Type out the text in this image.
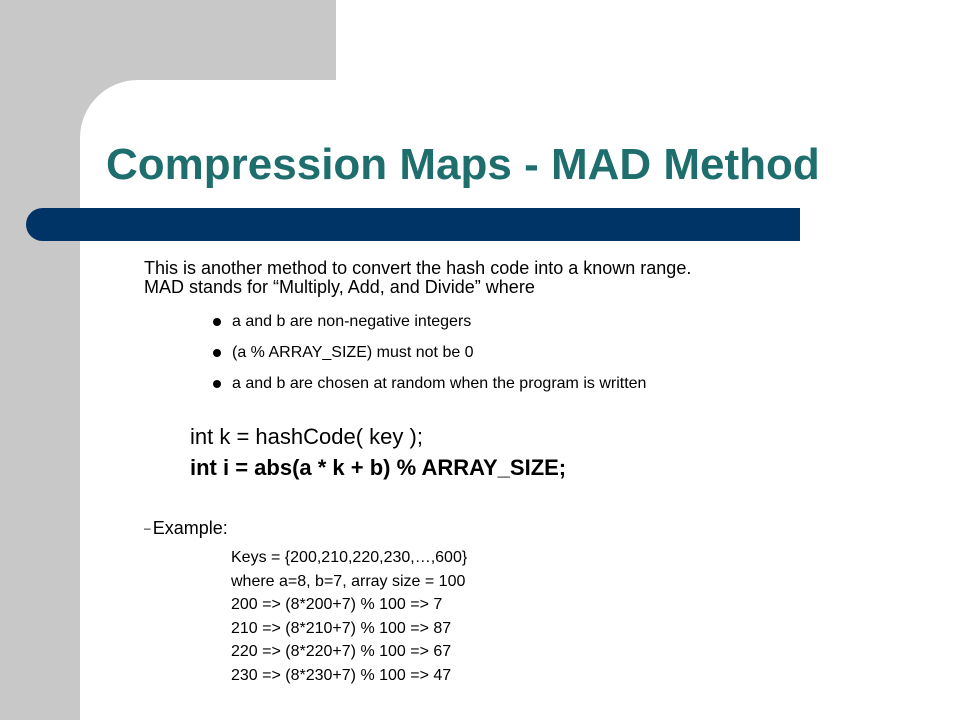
Compression Maps - MAD Method
This is another method to convert the hash code into a known range.
MAD stands for “Multiply, Add, and Divide” where
a and b are non-negative integers
(a % ARRAY_SIZE) must not be 0
a and b are chosen at random when the program is written
int k = hashCode( key );
int i = abs(a * k + b) % ARRAY_SIZE;
– Example:
Keys = {200,210,220,230,…,600}
where a=8, b=7, array size = 100
200 => (8*200+7) % 100 => 7
210 => (8*210+7) % 100 => 87
220 => (8*220+7) % 100 => 67
230 => (8*230+7) % 100 => 47
